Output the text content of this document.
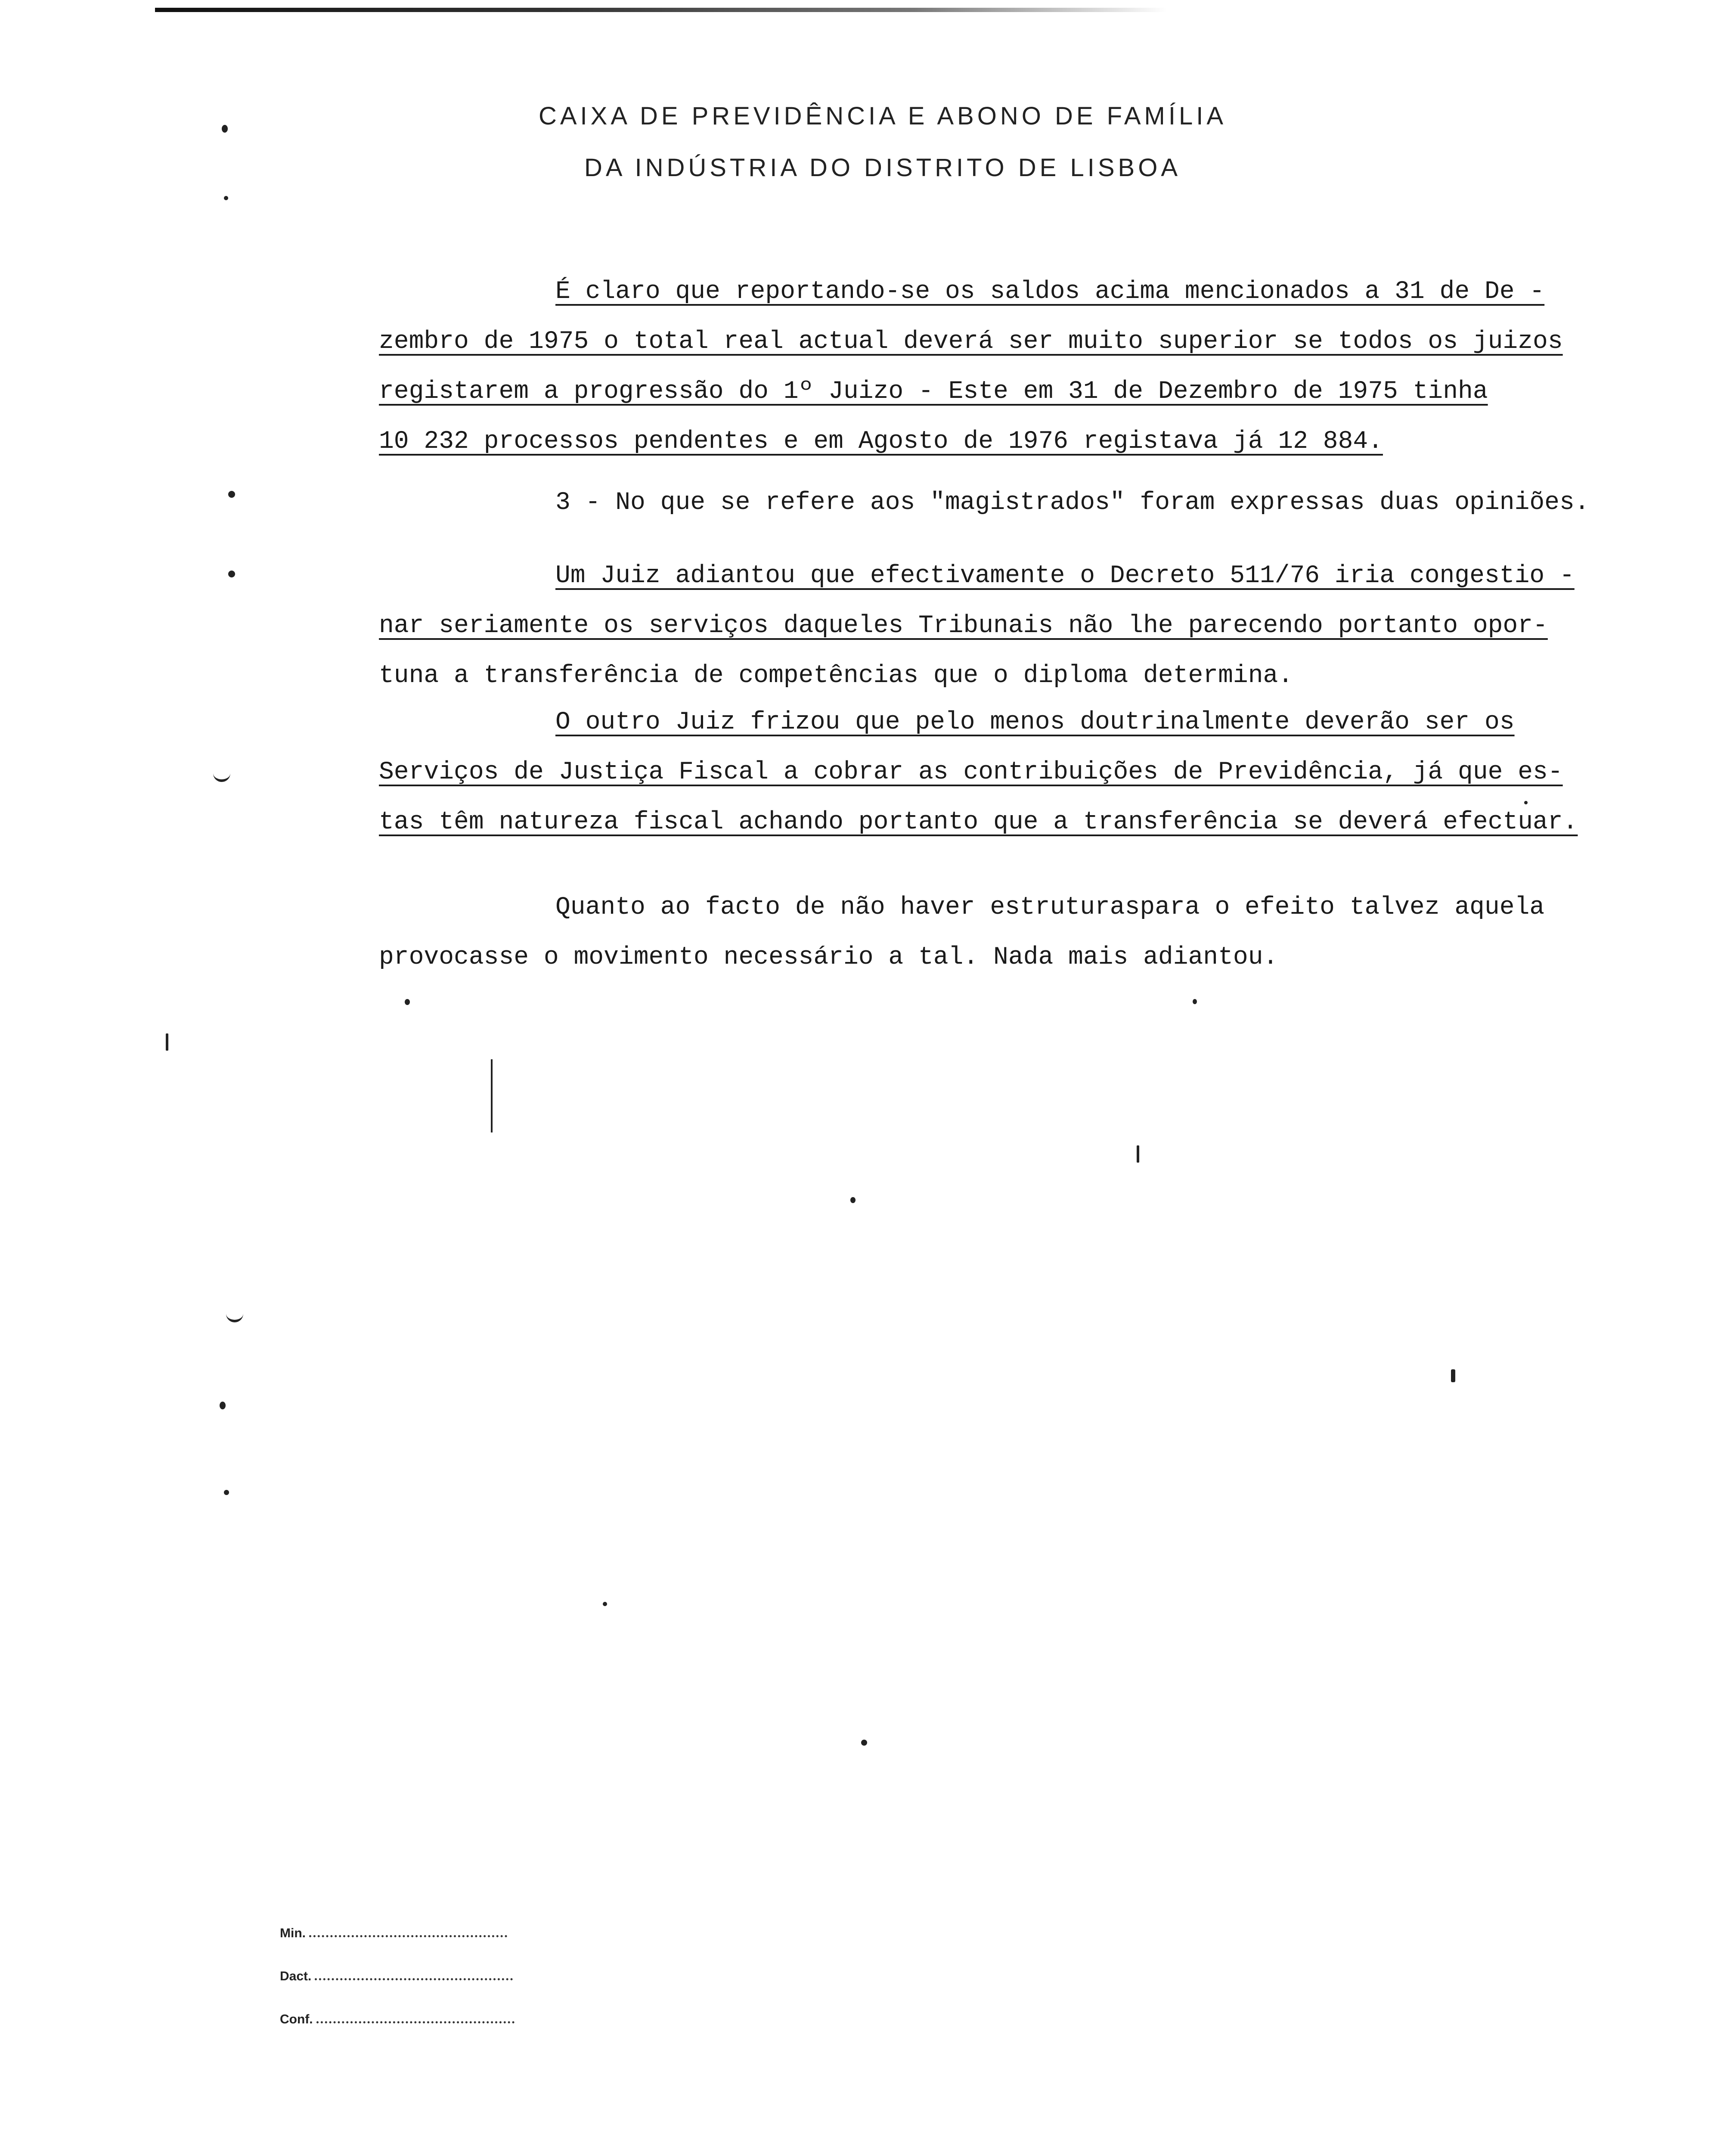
CAIXA DE PREVIDÊNCIA E ABONO DE FAMÍLIA
DA INDÚSTRIA DO DISTRITO DE LISBOA
É claro que reportando-se os saldos acima mencionados a 31 de De -
zembro de 1975 o total real actual deverá ser muito superior se todos os juizos
registarem a progressão do 1º Juizo - Este em 31 de Dezembro de 1975 tinha
10 232 processos pendentes e em Agosto de 1976 registava já 12 884.
3 - No que se refere aos "magistrados" foram expressas duas opiniões.
Um Juiz adiantou que efectivamente o Decreto 511/76 iria congestio -
nar seriamente os serviços daqueles Tribunais não lhe parecendo portanto opor-
tuna a transferência de competências que o diploma determina.
O outro Juiz frizou que pelo menos doutrinalmente deverão ser os
Serviços de Justiça Fiscal a cobrar as contribuições de Previdência, já que es-
tas têm natureza fiscal achando portanto que a transferência se deverá efectuar.
Quanto ao facto de não haver estruturaspara o efeito talvez aquela
provocasse o movimento necessário a tal. Nada mais adiantou.
Min.
Dact.
Conf.
